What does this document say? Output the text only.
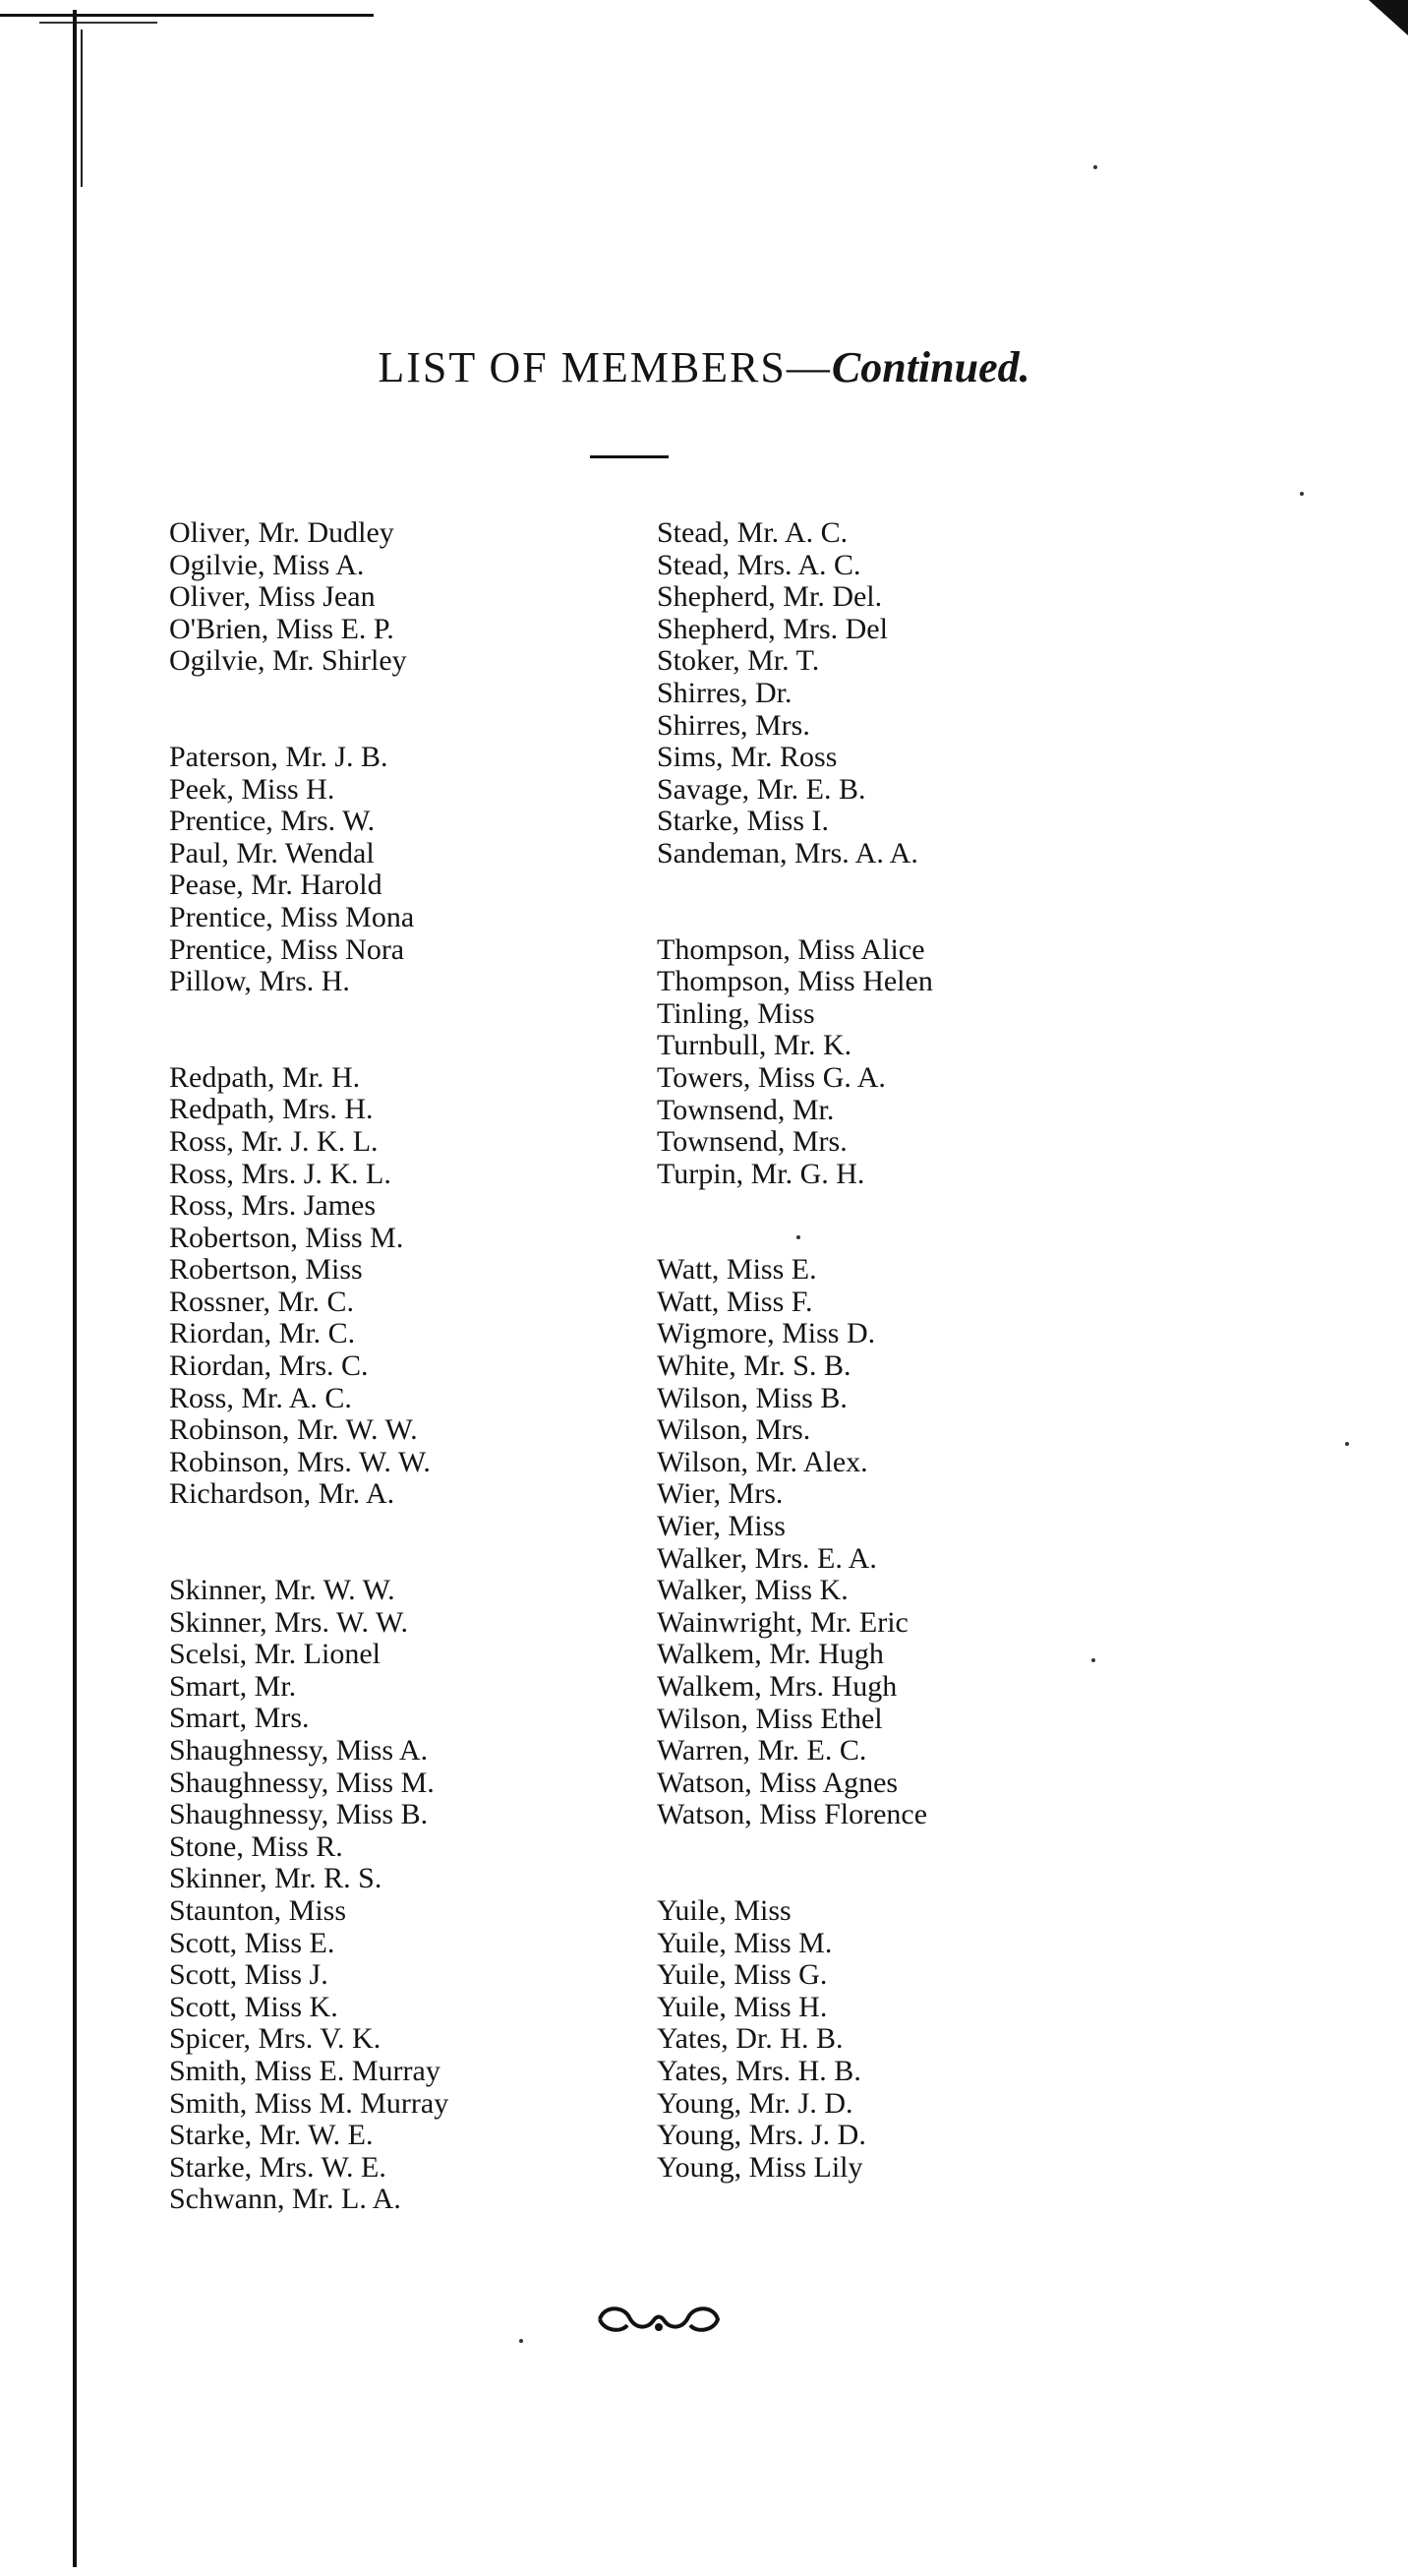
LIST OF MEMBERS—Continued.
Oliver, Mr. Dudley
Ogilvie, Miss A.
Oliver, Miss Jean
O'Brien, Miss E. P.
Ogilvie, Mr. Shirley
Paterson, Mr. J. B.
Peek, Miss H.
Prentice, Mrs. W.
Paul, Mr. Wendal
Pease, Mr. Harold
Prentice, Miss Mona
Prentice, Miss Nora
Pillow, Mrs. H.
Redpath, Mr. H.
Redpath, Mrs. H.
Ross, Mr. J. K. L.
Ross, Mrs. J. K. L.
Ross, Mrs. James
Robertson, Miss M.
Robertson, Miss
Rossner, Mr. C.
Riordan, Mr. C.
Riordan, Mrs. C.
Ross, Mr. A. C.
Robinson, Mr. W. W.
Robinson, Mrs. W. W.
Richardson, Mr. A.
Skinner, Mr. W. W.
Skinner, Mrs. W. W.
Scelsi, Mr. Lionel
Smart, Mr.
Smart, Mrs.
Shaughnessy, Miss A.
Shaughnessy, Miss M.
Shaughnessy, Miss B.
Stone, Miss R.
Skinner, Mr. R. S.
Staunton, Miss
Scott, Miss E.
Scott, Miss J.
Scott, Miss K.
Spicer, Mrs. V. K.
Smith, Miss E. Murray
Smith, Miss M. Murray
Starke, Mr. W. E.
Starke, Mrs. W. E.
Schwann, Mr. L. A.
Stead, Mr. A. C.
Stead, Mrs. A. C.
Shepherd, Mr. Del.
Shepherd, Mrs. Del
Stoker, Mr. T.
Shirres, Dr.
Shirres, Mrs.
Sims, Mr. Ross
Savage, Mr. E. B.
Starke, Miss I.
Sandeman, Mrs. A. A.
Thompson, Miss Alice
Thompson, Miss Helen
Tinling, Miss
Turnbull, Mr. K.
Towers, Miss G. A.
Townsend, Mr.
Townsend, Mrs.
Turpin, Mr. G. H.
Watt, Miss E.
Watt, Miss F.
Wigmore, Miss D.
White, Mr. S. B.
Wilson, Miss B.
Wilson, Mrs.
Wilson, Mr. Alex.
Wier, Mrs.
Wier, Miss
Walker, Mrs. E. A.
Walker, Miss K.
Wainwright, Mr. Eric
Walkem, Mr. Hugh
Walkem, Mrs. Hugh
Wilson, Miss Ethel
Warren, Mr. E. C.
Watson, Miss Agnes
Watson, Miss Florence
Yuile, Miss
Yuile, Miss M.
Yuile, Miss G.
Yuile, Miss H.
Yates, Dr. H. B.
Yates, Mrs. H. B.
Young, Mr. J. D.
Young, Mrs. J. D.
Young, Miss Lily
